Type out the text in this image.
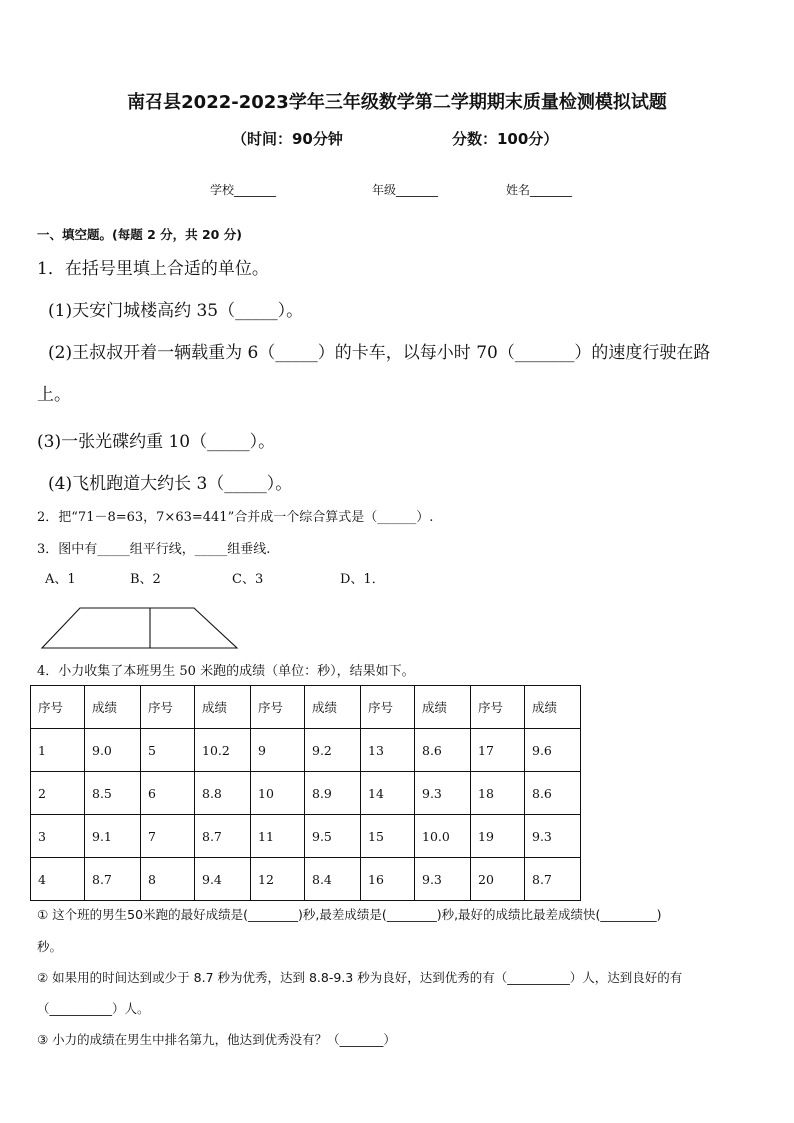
南召县2022-2023学年三年级数学第二学期期末质量检测模拟试题
（时间：90分钟	分数：100分）
学校_______	年级_______	姓名_______
一、填空题。(每题 2 分，共 20 分)
1．在括号里填上合适的单位。
(1)天安门城楼高约 35（_____）。
(2)王叔叔开着一辆载重为 6（_____）的卡车，以每小时 70（_______）的速度行驶在路
上。
(3)一张光碟约重 10（_____）。
(4)飞机跑道大约长 3（_____）。
2．把“71－8=63，7×63=441”合并成一个综合算式是（______）.
3．图中有_____组平行线，_____组垂线.
A、1	B、2	C、3	D、1．
4．小力收集了本班男生 50 米跑的成绩（单位：秒），结果如下。
序号	成绩	序号	成绩	序号	成绩	序号	成绩	序号	成绩
1	9.0	5	10.2	9	9.2	13	8.6	17	9.6
2	8.5	6	8.8	10	8.9	14	9.3	18	8.6
3	9.1	7	8.7	11	9.5	15	10.0	19	9.3
4	8.7	8	9.4	12	8.4	16	9.3	20	8.7
① 这个班的男生50米跑的最好成绩是(________)秒,最差成绩是(________)秒,最好的成绩比最差成绩快(_________)
秒。
② 如果用的时间达到或少于 8.7 秒为优秀，达到 8.8-9.3 秒为良好，达到优秀的有（__________）人，达到良好的有
（__________）人。
③ 小力的成绩在男生中排名第九，他达到优秀没有？（_______）
